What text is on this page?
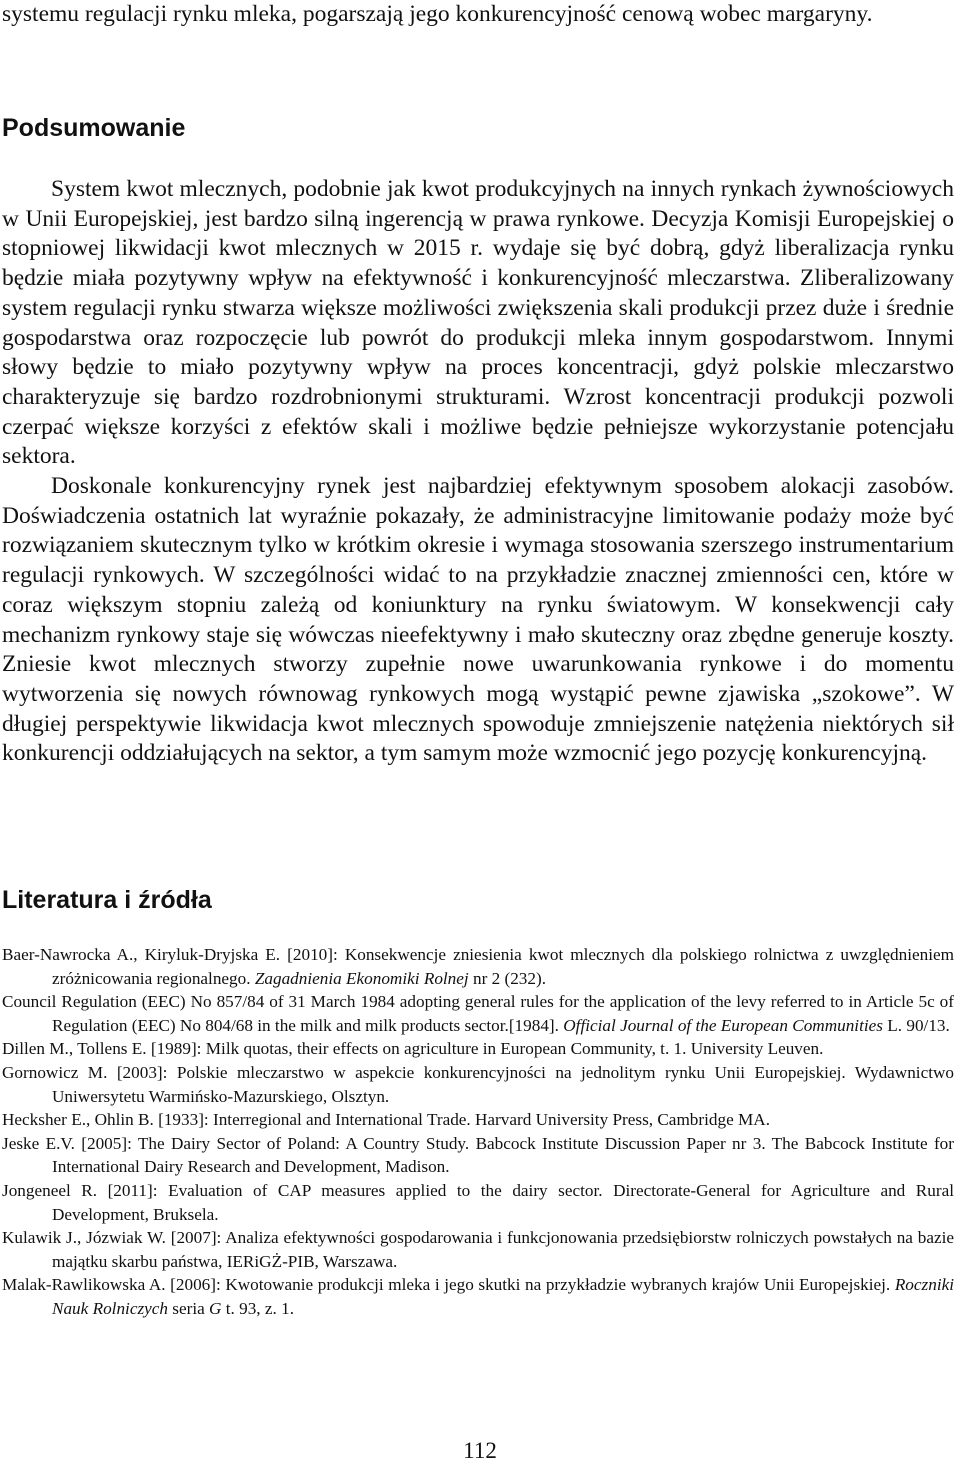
systemu regulacji rynku mleka, pogarszają jego konkurencyjność cenową wobec margaryny.

Podsumowanie

System kwot mlecznych, podobnie jak kwot produkcyjnych na innych rynkach żywnościowych w Unii Europejskiej, jest bardzo silną ingerencją w prawa rynkowe. Decyzja Komisji Europejskiej o stopniowej likwidacji kwot mlecznych w 2015 r. wydaje się być dobrą, gdyż liberalizacja rynku będzie miała pozytywny wpływ na efektywność i konkurencyjność mleczarstwa. Zliberalizowany system regulacji rynku stwarza większe możliwości zwiększenia skali produkcji przez duże i średnie gospodarstwa oraz rozpoczęcie lub powrót do produkcji mleka innym gospodarstwom. Innymi słowy będzie to miało pozytywny wpływ na proces koncentracji, gdyż polskie mleczarstwo charakteryzuje się bardzo rozdrobnionymi strukturami. Wzrost koncentracji produkcji pozwoli czerpać większe korzyści z efektów skali i możliwe będzie pełniejsze wykorzystanie potencjału sektora.

Doskonale konkurencyjny rynek jest najbardziej efektywnym sposobem alokacji zasobów. Doświadczenia ostatnich lat wyraźnie pokazały, że administracyjne limitowanie podaży może być rozwiązaniem skutecznym tylko w krótkim okresie i wymaga stosowania szerszego instrumentarium regulacji rynkowych. W szczególności widać to na przykładzie znacznej zmienności cen, które w coraz większym stopniu zależą od koniunktury na rynku światowym. W konsekwencji cały mechanizm rynkowy staje się wówczas nieefektywny i mało skuteczny oraz zbędne generuje koszty. Zniesie kwot mlecznych stworzy zupełnie nowe uwarunkowania rynkowe i do momentu wytworzenia się nowych równowag rynkowych mogą wystąpić pewne zjawiska „szokowe”. W długiej perspektywie likwidacja kwot mlecznych spowoduje zmniejszenie natężenia niektórych sił konkurencji oddziałujących na sektor, a tym samym może wzmocnić jego pozycję konkurencyjną.

Literatura i źródła
Baer-Nawrocka A., Kiryluk-Dryjska E. [2010]: Konsekwencje zniesienia kwot mlecznych dla polskiego rolnictwa z uwzględnieniem zróżnicowania regionalnego. Zagadnienia Ekonomiki Rolnej nr 2 (232).
Council Regulation (EEC) No 857/84 of 31 March 1984 adopting general rules for the application of the levy referred to in Article 5c of Regulation (EEC) No 804/68 in the milk and milk products sector.[1984]. Official Journal of the European Communities L. 90/13.
Dillen M., Tollens E. [1989]: Milk quotas, their effects on agriculture in European Community, t. 1. University Leuven.
Gornowicz M. [2003]: Polskie mleczarstwo w aspekcie konkurencyjności na jednolitym rynku Unii Europejskiej. Wydawnictwo Uniwersytetu Warmińsko-Mazurskiego, Olsztyn.
Hecksher E., Ohlin B. [1933]: Interregional and International Trade. Harvard University Press, Cambridge MA.
Jeske E.V. [2005]: The Dairy Sector of Poland: A Country Study. Babcock Institute Discussion Paper nr 3. The Babcock Institute for International Dairy Research and Development, Madison.
Jongeneel R. [2011]: Evaluation of CAP measures applied to the dairy sector. Directorate-General for Agriculture and Rural Development, Bruksela.
Kulawik J., Józwiak W. [2007]: Analiza efektywności gospodarowania i funkcjonowania przedsiębiorstw rolniczych powstałych na bazie majątku skarbu państwa, IERiGŻ-PIB, Warszawa.
Malak-Rawlikowska A. [2006]: Kwotowanie produkcji mleka i jego skutki na przykładzie wybranych krajów Unii Europejskiej. Roczniki Nauk Rolniczych seria G t. 93, z. 1.

112
